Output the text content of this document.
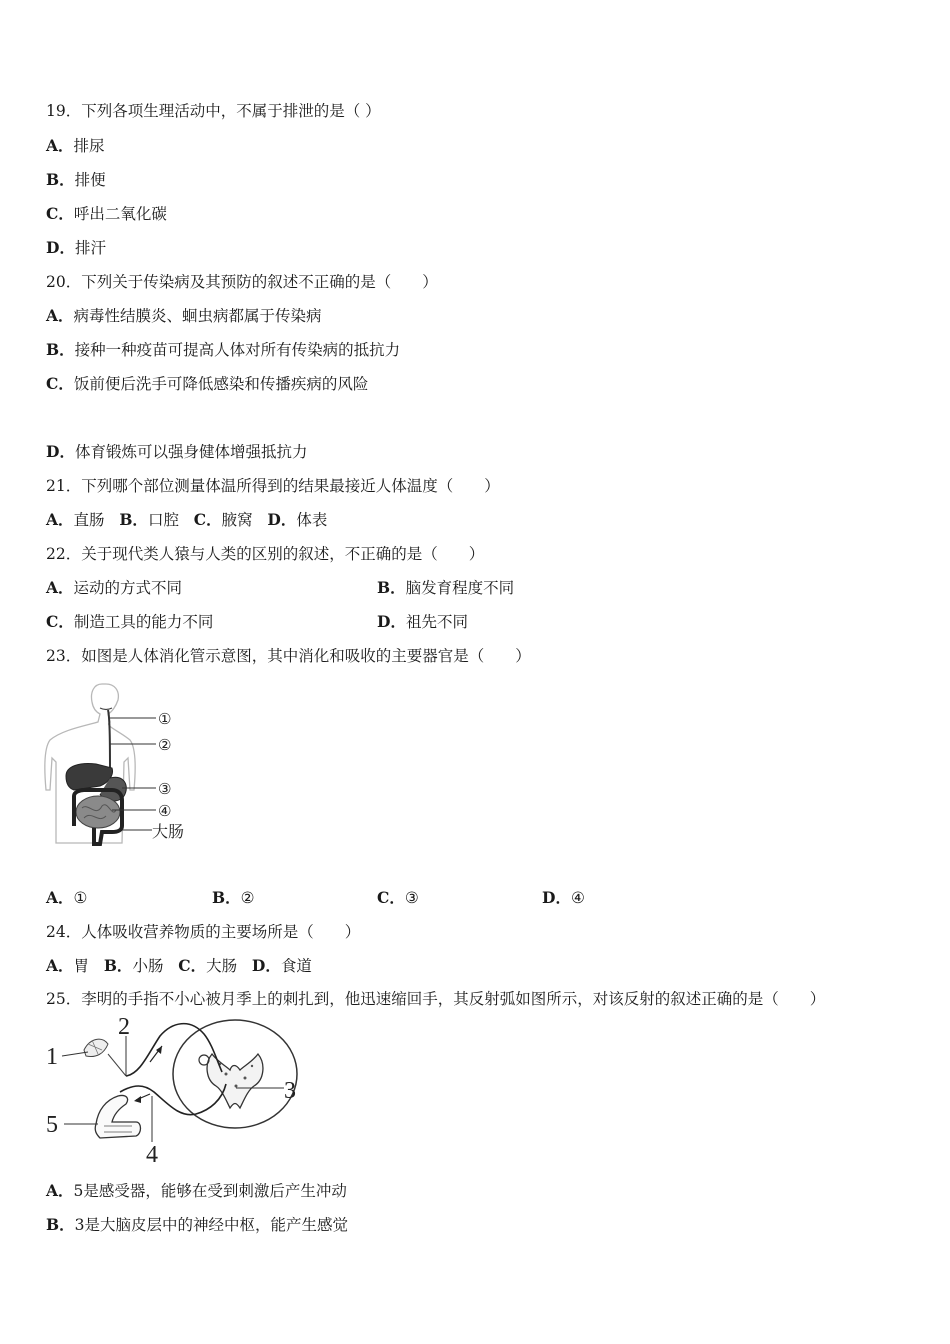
19．下列各项生理活动中，不属于排泄的是（ ）
A．排尿
B．排便
C．呼出二氧化碳
D．排汗
20．下列关于传染病及其预防的叙述不正确的是（　　）
A．病毒性结膜炎、蛔虫病都属于传染病
B．接种一种疫苗可提高人体对所有传染病的抵抗力
C．饭前便后洗手可降低感染和传播疾病的风险
D．体育锻炼可以强身健体增强抵抗力
21．下列哪个部位测量体温所得到的结果最接近人体温度（　　）
A．直肠 B．口腔 C．腋窝 D．体表
22．关于现代类人猿与人类的区别的叙述，不正确的是（　　）
A．运动的方式不同	B．脑发育程度不同
C．制造工具的能力不同	D．祖先不同
23．如图是人体消化管示意图，其中消化和吸收的主要器官是（　　）
①
②
③
④
大肠
A．①	B．②	C．③	D．④
24．人体吸收营养物质的主要场所是（　　）
A．胃 B．小肠 C．大肠 D．食道
25．李明的手指不小心被月季上的刺扎到，他迅速缩回手，其反射弧如图所示，对该反射的叙述正确的是（　　）
1
2
3
4
5
A．5是感受器，能够在受到刺激后产生冲动
B．3是大脑皮层中的神经中枢，能产生感觉
